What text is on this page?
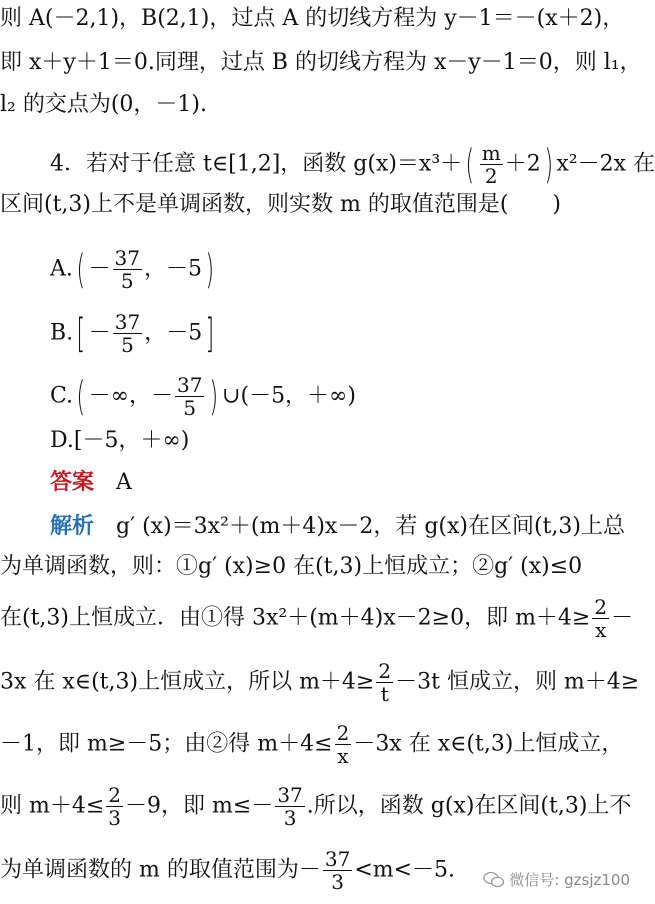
则 A(－2,1)，B(2,1)，过点 A 的切线方程为 y－1＝－(x＋2)，
即 x＋y＋1＝0.同理，过点 B 的切线方程为 x－y－1＝0，则 l₁，
l₂ 的交点为(0，－1).
4．若对于任意 t∈[1,2]，函数 $g(x)=x^3+( \frac{m}{2} +2)$ x²－2x 在
区间(t,3)上不是单调函数，则实数 m 的取值范围是(　　)
$A.( - \frac{37}{5}$ ，－5)
$B.[ - \frac{37}{5}$ ，－5]
C.( －∞，－ $\frac{37}{5}$ ) ∪(－5，＋∞)
D.[－5，＋∞)
答案　 A
解析　 g′ (x)＝3x²＋(m＋4)x－2，若 g(x)在区间(t,3)上总
为单调函数，则：①g′ (x)≥0 在(t,3)上恒成立；②g′ (x)≤0
在(t,3)上恒成立．由①得 3x²＋(m＋4)x－2≥0，即 $m+4\ge \frac{2}{x}$ －
3x 在 x∈(t,3)上恒成立，所以 $m+4\ge \frac{2}{t} -3t$ 恒成立，则 m＋4≥
－1，即 m≥－5；由②得 $m+4\le \frac{2}{x} -3x$ 在 x∈(t,3)上恒成立，
则 $m+4\le \frac{2}{3} -9$，即 $m\le- \frac{37}{3}$ .所以，函数 g(x)在区间(t,3)上不
为单调函数的 m 的取值范围为－ $\frac{37}{3} <m<-5$.	微信号: gzsjz100
